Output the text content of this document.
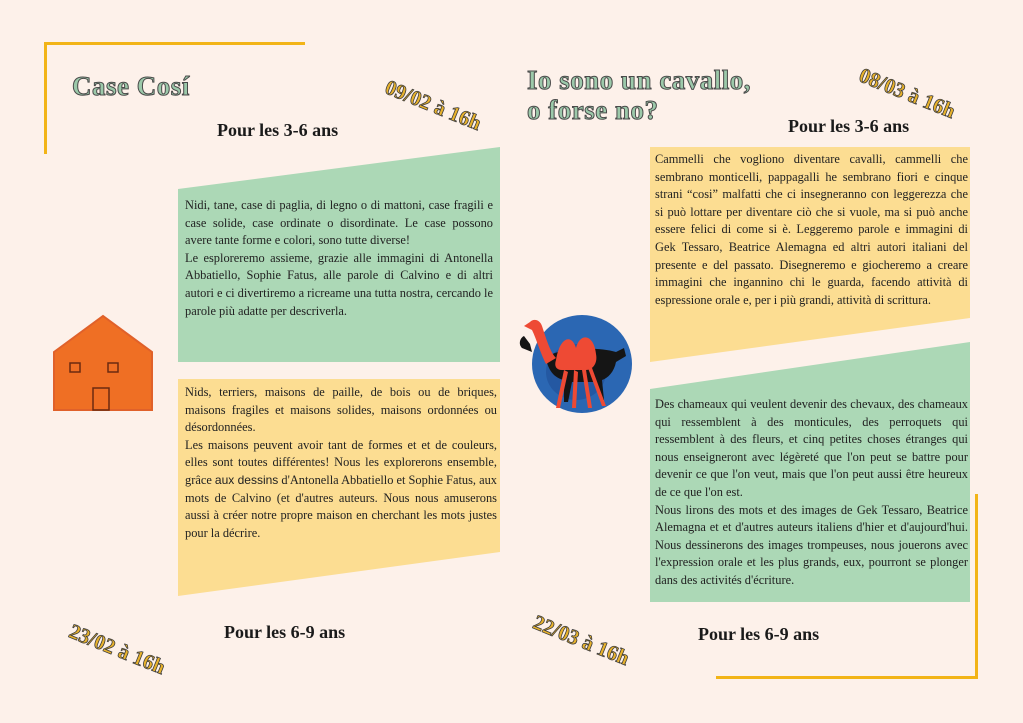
Case Cosí	09/02 à 16h
Pour les 3-6 ans

Nidi, tane, case di paglia, di legno o di mattoni, case fragili e case solide, case ordinate o disordinate. Le case possono avere tante forme e colori, sono tutte diverse!

Le esploreremo assieme, grazie alle immagini di Antonella Abbatiello, Sophie Fatus, alle parole di Calvino e di altri autori e ci divertiremo a ricreame una tutta nostra, cercando le parole più adatte per descriverla.

Nids, terriers, maisons de paille, de bois ou de briques, maisons fragiles et maisons solides, maisons ordonnées ou désordonnées.

Les maisons peuvent avoir tant de formes et et de couleurs, elles sont toutes différentes! Nous les explorerons ensemble, grâce aux dessins d'Antonella Abbatiello et Sophie Fatus, aux mots de Calvino (et d'autres auteurs. Nous nous amuserons aussi à créer notre propre maison en cherchant les mots justes pour la décrire.

23/02 à 16h	Pour les 6-9 ans
Io sono un cavallo,
o forse no?	08/03 à 16h
Pour les 3-6 ans

Cammelli che vogliono diventare cavalli, cammelli che sembrano monticelli, pappagalli he sembrano fiori e cinque strani “cosi” malfatti che ci insegneranno con leggerezza che si può lottare per diventare ciò che si vuole, ma si può anche essere felici di come si è. Leggeremo parole e immagini di Gek Tessaro, Beatrice Alemagna ed altri autori italiani del presente e del passato. Disegneremo e giocheremo a creare immagini che ingannino chi le guarda, facendo attività di espressione orale e, per i più grandi, attività di scrittura.

Des chameaux qui veulent devenir des chevaux, des chameaux qui ressemblent à des monticules, des perroquets qui ressemblent à des fleurs, et cinq petites choses étranges qui nous enseigneront avec légèreté que l'on peut se battre pour devenir ce que l'on veut, mais que l'on peut aussi être heureux de ce que l'on est.

Nous lirons des mots et des images de Gek Tessaro, Beatrice Alemagna et et d'autres auteurs italiens d'hier et d'aujourd'hui. Nous dessinerons des images trompeuses, nous jouerons avec l'expression orale et les plus grands, eux, pourront se plonger dans des activités d'écriture.

22/03 à 16h	Pour les 6-9 ans
